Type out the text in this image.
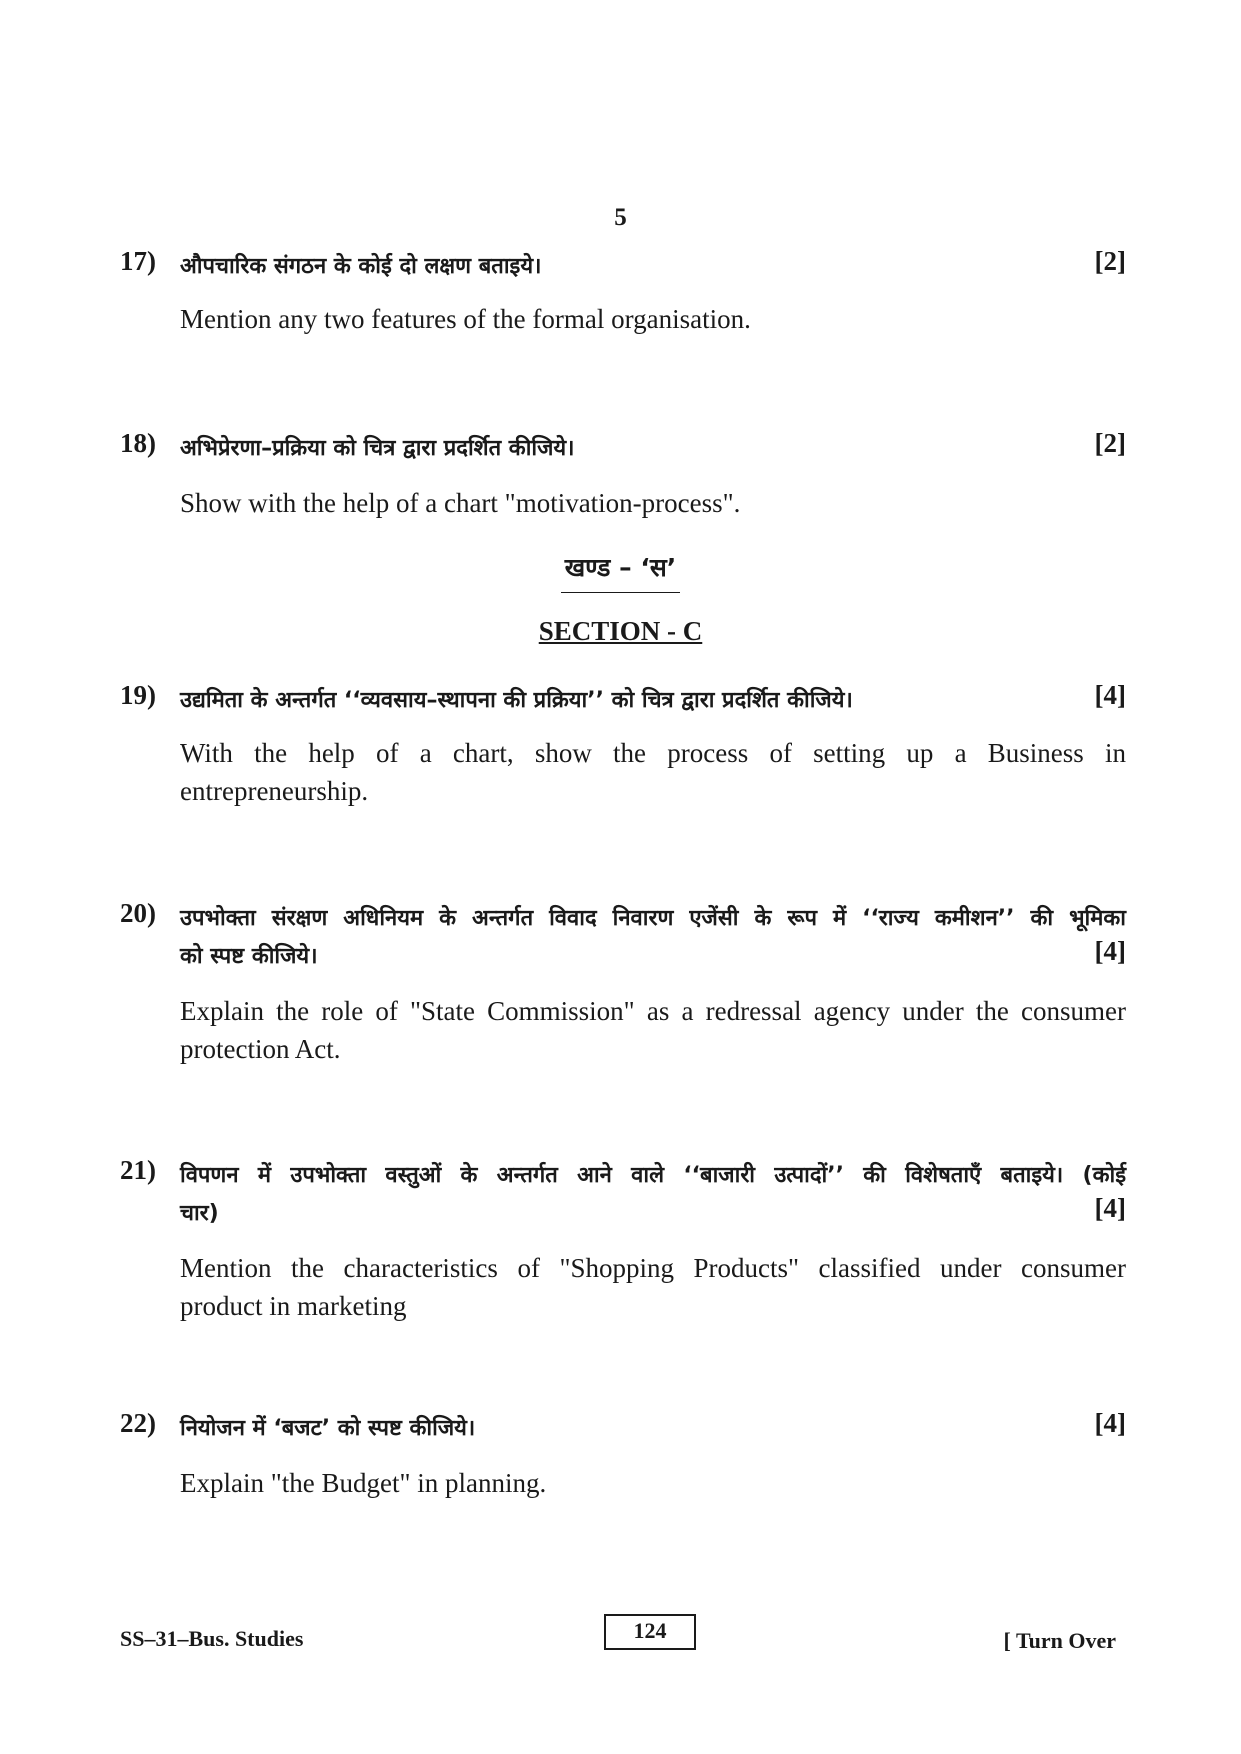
5
17) औपचारिक संगठन के कोई दो लक्षण बताइये।	[2]
Mention any two features of the formal organisation.
18) अभिप्रेरणा–प्रक्रिया को चित्र द्वारा प्रदर्शित कीजिये।	[2]
Show with the help of a chart "motivation-process".
खण्ड – ‘स’
SECTION - C
19) उद्यमिता के अन्तर्गत ‘‘व्यवसाय–स्थापना की प्रक्रिया’’ को चित्र द्वारा प्रदर्शित कीजिये।	[4]
With the help of a chart, show the process of setting up a Business in
entrepreneurship.
20) उपभोक्ता संरक्षण अधिनियम के अन्तर्गत विवाद निवारण एजेंसी के रूप में ‘‘राज्य कमीशन’’ की भूमिका
को स्पष्ट कीजिये।	[4]
Explain the role of "State Commission" as a redressal agency under the consumer
protection Act.
21) विपणन में उपभोक्ता वस्तुओं के अन्तर्गत आने वाले ‘‘बाजारी उत्पादों’’ की विशेषताएँ बताइये। (कोई
चार)	[4]
Mention the characteristics of "Shopping Products" classified under consumer
product in marketing
22) नियोजन में ‘बजट’ को स्पष्ट कीजिये।	[4]
Explain "the Budget" in planning.
SS–31–Bus. Studies	124	[ Turn Over
